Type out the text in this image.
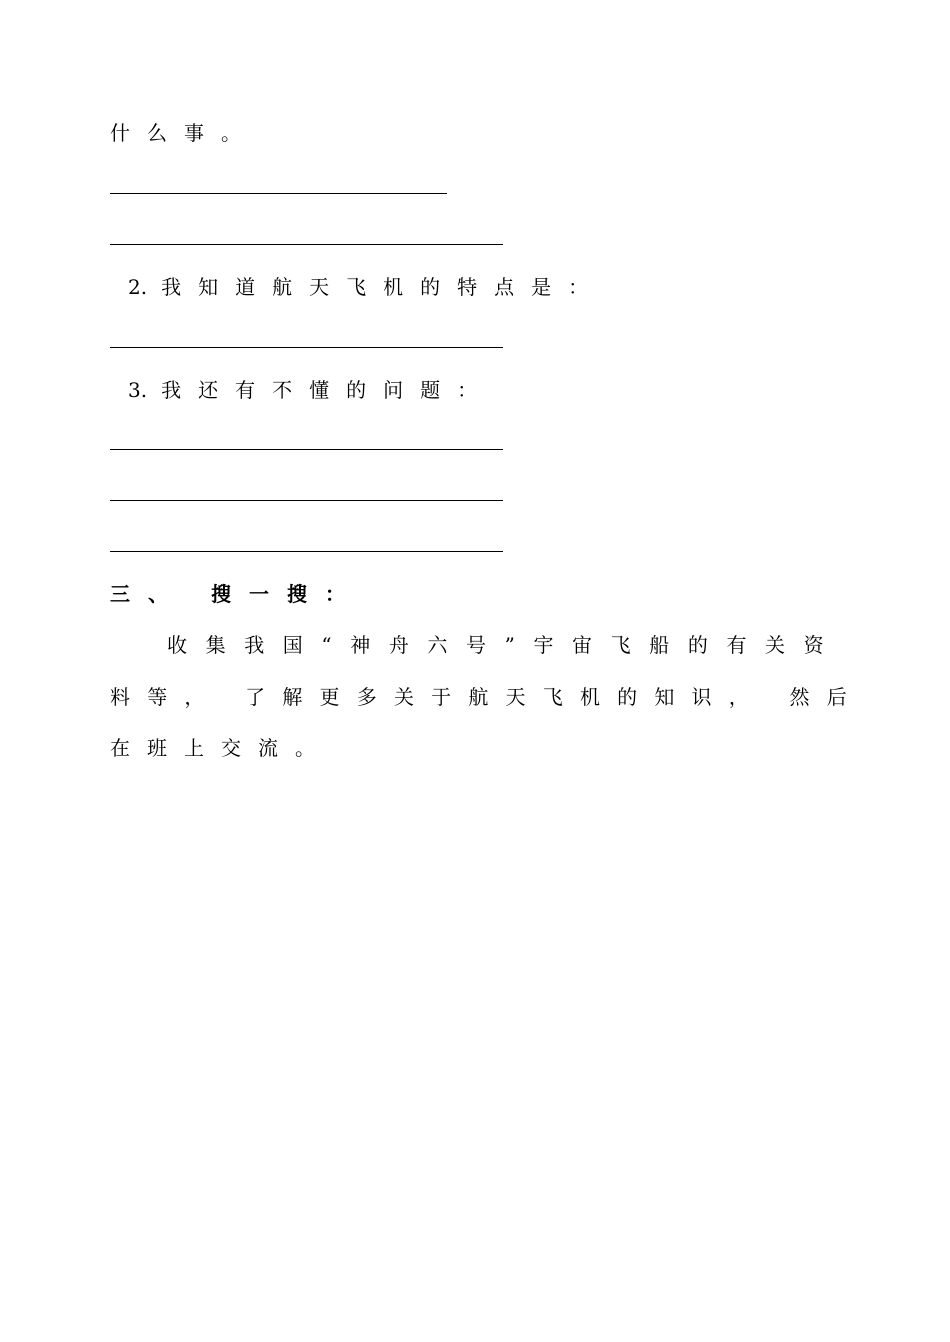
什么事。
2. 我知道航天飞机的特点是：
3. 我还有不懂的问题：
三、 搜一搜：
收集我国“神舟六号”宇宙飞船的有关资
料等， 了解更多关于航天飞机的知识， 然后
在班上交流。
